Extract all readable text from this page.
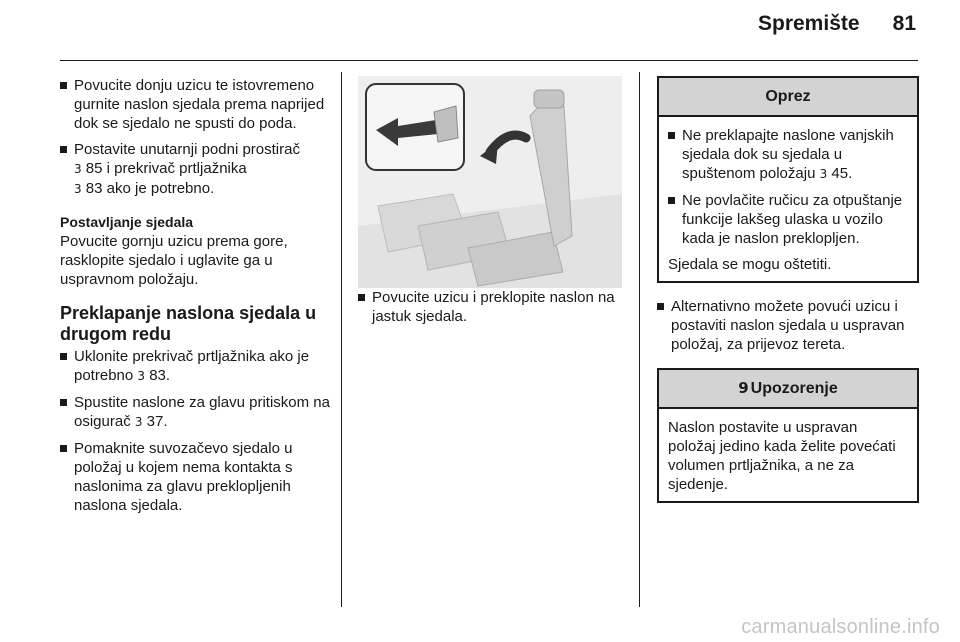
Spremište 81
Povucite donju uzicu te istovremeno gurnite naslon sjedala prema naprijed dok se sjedalo ne spusti do poda.
Postavite unutarnji podni prostirač
3 85 i prekrivač prtljažnika
3 83 ako je potrebno.
Postavljanje sjedala
Povucite gornju uzicu prema gore, rasklopite sjedalo i uglavite ga u uspravnom položaju.
Preklapanje naslona sjedala u drugom redu
Uklonite prekrivač prtljažnika ako je potrebno 3 83.
Spustite naslone za glavu pritiskom na osigurač 3 37.
Pomaknite suvozačevo sjedalo u položaj u kojem nema kontakta s naslonima za glavu preklopljenih naslona sjedala.
Povucite uzicu i preklopite naslon na jastuk sjedala.
Oprez
Ne preklapajte naslone vanjskih sjedala dok su sjedala u spuštenom položaju 3 45.
Ne povlačite ručicu za otpuštanje funkcije lakšeg ulaska u vozilo kada je naslon preklopljen.
Sjedala se mogu oštetiti.
Alternativno možete povući uzicu i postaviti naslon sjedala u uspravan položaj, za prijevoz tereta.
9 Upozorenje
Naslon postavite u uspravan položaj jedino kada želite povećati volumen prtljažnika, a ne za sjedenje.
carmanualsonline.info
